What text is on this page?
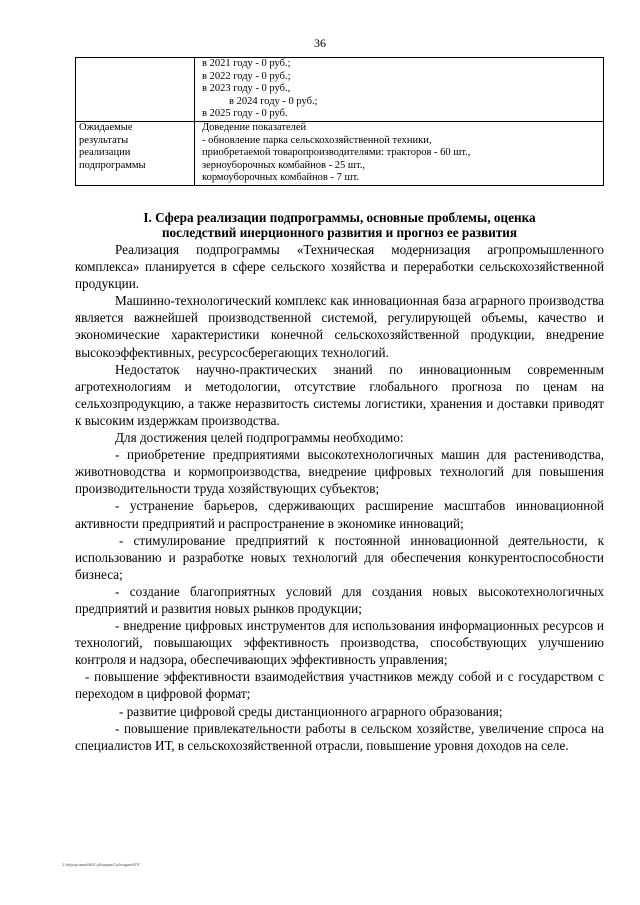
36

	в 2021 году - 0 руб.;
в 2022 году - 0 руб.;
в 2023 году - 0 руб.,
в 2024 году - 0 руб.;
в 2025 году - 0 руб.

Ожидаемые
результаты
реализации
подпрограммы	Доведение показателей
- обновление парка сельскохозяйственной техники,
приобретаемой товаропроизводителями: тракторов - 60 шт.,
зерноуборочных комбайнов - 25 шт.,
кормоуборочных комбайнов - 7 шт.
I. Сфера реализации подпрограммы, основные проблемы, оценка
последствий инерционного развития и прогноз ее развития

Реализация подпрограммы «Техническая модернизация агропромышленного комплекса» планируется в сфере сельского хозяйства и переработки сельскохозяйственной продукции.

Машинно-технологический комплекс как инновационная база аграрного производства является важнейшей производственной системой, регулирующей объемы, качество и экономические характеристики конечной сельскохозяйственной продукции, внедрение высокоэффективных, ресурсосберегающих технологий.

Недостаток научно-практических знаний по инновационным современным агротехнологиям и методологии, отсутствие глобального прогноза по ценам на сельхозпродукцию, а также неразвитость системы логистики, хранения и доставки приводят к высоким издержкам производства.

Для достижения целей подпрограммы необходимо:

- приобретение предприятиями высокотехнологичных машин для растениводства, животноводства и кормопроизводства, внедрение цифровых технологий для повышения производительности труда хозяйствующих субъектов;

- устранение барьеров, сдерживающих расширение масштабов инновационной активности предприятий и распространение в экономике инноваций;

- стимулирование предприятий к постоянной инновационной деятельности, к использованию и разработке новых технологий для обеспечения конкурентоспособности бизнеса;

- создание благоприятных условий для создания новых высокотехнологичных предприятий и развития новых рынков продукции;

- внедрение цифровых инструментов для использования информационных ресурсов и технологий, повышающих эффективность производства, способствующих улучшению контроля и надзора, обеспечивающих эффективность управления;

- повышение эффективности взаимодействия участников между собой и с государством с переходом в цифровой формат;

- развитие цифровой среды дистанционного аграрного образования;

- повышение привлекательности работы в сельском хозяйстве, увеличение спроса на специалистов ИТ, в сельскохозяйственной отрасли, повышение уровня доходов на селе.

Z:\Мусор\жки\ВВ\Субсидии\Субсидии\ЕПГ
